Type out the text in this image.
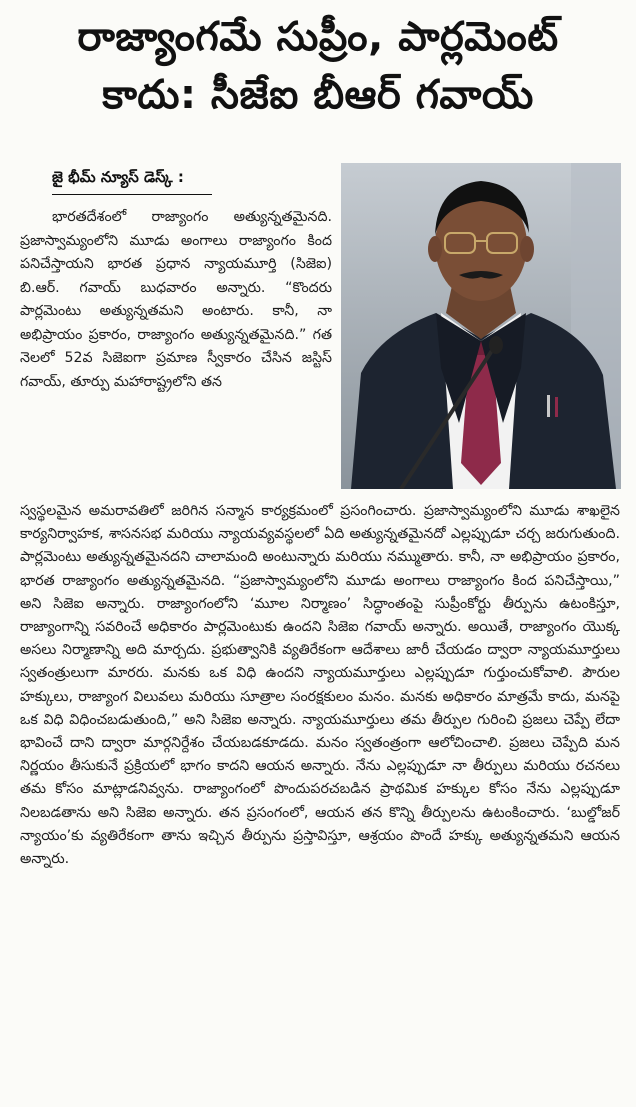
రాజ్యాంగమే సుప్రీం, పార్లమెంట్
కాదు: సీజేఐ బీఆర్ గవాయ్
జై భీమ్ న్యూస్ డెస్క్ :

భారతదేశంలో రాజ్యాంగం అత్యున్నతమైనది. ప్రజాస్వామ్యంలోని మూడు అంగాలు రాజ్యాంగం కింద పనిచేస్తాయని భారత ప్రధాన న్యాయమూర్తి (సిజెఐ) బి.ఆర్. గవాయ్ బుధవారం అన్నారు. “కొందరు పార్లమెంటు అత్యున్నతమని అంటారు. కానీ, నా అభిప్రాయం ప్రకారం, రాజ్యాంగం అత్యున్నతమైనది.” గత నెలలో 52వ సిజెఐగా ప్రమాణ స్వీకారం చేసిన జస్టిస్ గవాయ్, తూర్పు మహారాష్ట్రలోని తన

స్వస్థలమైన అమరావతిలో జరిగిన సన్మాన కార్యక్రమంలో ప్రసంగించారు. ప్రజాస్వామ్యంలోని మూడు శాఖలైన కార్యనిర్వాహక, శాసనసభ మరియు న్యాయవ్యవస్థలలో ఏది అత్యున్నతమైనదో ఎల్లప్పుడూ చర్చ జరుగుతుంది. పార్లమెంటు అత్యున్నతమైనదని చాలామంది అంటున్నారు మరియు నమ్ముతారు. కానీ, నా అభిప్రాయం ప్రకారం, భారత రాజ్యాంగం అత్యున్నతమైనది. “ప్రజాస్వామ్యంలోని మూడు అంగాలు రాజ్యాంగం కింద పనిచేస్తాయి,” అని సిజెఐ అన్నారు. రాజ్యాంగంలోని ‘మూల నిర్మాణం’ సిద్ధాంతంపై సుప్రీంకోర్టు తీర్పును ఉటంకిస్తూ, రాజ్యాంగాన్ని సవరించే అధికారం పార్లమెంటుకు ఉందని సిజెఐ గవాయ్ అన్నారు. అయితే, రాజ్యాంగం యొక్క అసలు నిర్మాణాన్ని అది మార్చదు. ప్రభుత్వానికి వ్యతిరేకంగా ఆదేశాలు జారీ చేయడం ద్వారా న్యాయమూర్తులు స్వతంత్రులుగా మారరు. మనకు ఒక విధి ఉందని న్యాయమూర్తులు ఎల్లప్పుడూ గుర్తుంచుకోవాలి. పౌరుల హక్కులు, రాజ్యాంగ విలువలు మరియు సూత్రాల సంరక్షకులం మనం. మనకు అధికారం మాత్రమే కాదు, మనపై ఒక విధి విధించబడుతుంది,” అని సిజెఐ అన్నారు. న్యాయమూర్తులు తమ తీర్పుల గురించి ప్రజలు చెప్పే లేదా భావించే దాని ద్వారా మార్గనిర్దేశం చేయబడకూడదు. మనం స్వతంత్రంగా ఆలోచించాలి. ప్రజలు చెప్పేది మన నిర్ణయం తీసుకునే ప్రక్రియలో భాగం కాదని ఆయన అన్నారు. నేను ఎల్లప్పుడూ నా తీర్పులు మరియు రచనలు తమ కోసం మాట్లాడనివ్వను. రాజ్యాంగంలో పొందుపరచబడిన ప్రాథమిక హక్కుల కోసం నేను ఎల్లప్పుడూ నిలబడతాను అని సిజెఐ అన్నారు. తన ప్రసంగంలో, ఆయన తన కొన్ని తీర్పులను ఉటంకించారు. ‘బుల్డోజర్ న్యాయం’కు వ్యతిరేకంగా తాను ఇచ్చిన తీర్పును ప్రస్తావిస్తూ, ఆశ్రయం పొందే హక్కు అత్యున్నతమని ఆయన అన్నారు.
